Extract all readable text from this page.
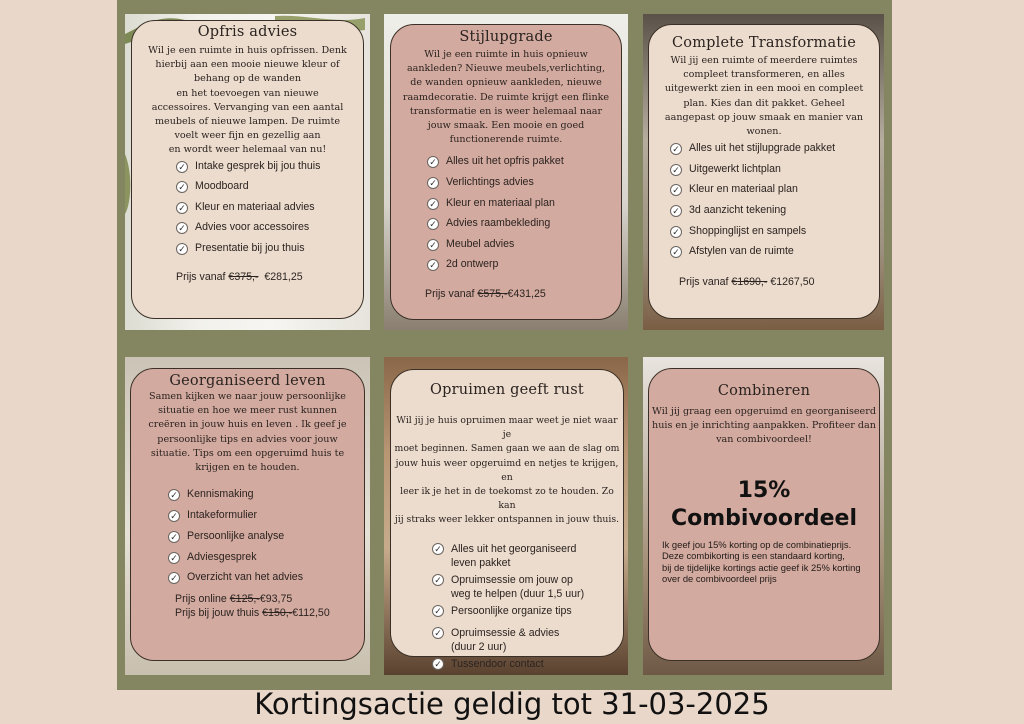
Opfris advies
Wil je een ruimte in huis opfrissen. Denk
hierbij aan een mooie nieuwe kleur of
behang op de wanden
en het toevoegen van nieuwe
accessoires. Vervanging van een aantal
meubels of nieuwe lampen. De ruimte
voelt weer fijn en gezellig aan
en wordt weer helemaal van nu!
✓ Intake gesprek bij jou thuis
✓ Moodboard
✓ Kleur en materiaal advies
✓ Advies voor accessoires
✓ Presentatie bij jou thuis
Prijs vanaf €375,- €281,25
Stijlupgrade
Wil je een ruimte in huis opnieuw
aankleden? Nieuwe meubels,verlichting,
de wanden opnieuw aankleden, nieuwe
raamdecoratie. De ruimte krijgt een flinke
transformatie en is weer helemaal naar
jouw smaak. Een mooie en goed
functionerende ruimte.
✓ Alles uit het opfris pakket
✓ Verlichtings advies
✓ Kleur en materiaal plan
✓ Advies raambekleding
✓ Meubel advies
✓ 2d ontwerp
Prijs vanaf €575,-€431,25
Complete Transformatie
Wil jij een ruimte of meerdere ruimtes
compleet transformeren, en alles
uitgewerkt zien in een mooi en compleet
plan. Kies dan dit pakket. Geheel
aangepast op jouw smaak en manier van
wonen.
✓ Alles uit het stijlupgrade pakket
✓ Uitgewerkt lichtplan
✓ Kleur en materiaal plan
✓ 3d aanzicht tekening
✓ Shoppinglijst en sampels
✓ Afstylen van de ruimte
Prijs vanaf €1690,- €1267,50
Georganiseerd leven
Samen kijken we naar jouw persoonlijke
situatie en hoe we meer rust kunnen
creëren in jouw huis en leven . Ik geef je
persoonlijke tips en advies voor jouw
situatie. Tips om een opgeruimd huis te
krijgen en te houden.
✓ Kennismaking
✓ Intakeformulier
✓ Persoonlijke analyse
✓ Adviesgesprek
✓ Overzicht van het advies
Prijs online €125,-€93,75
Prijs bij jouw thuis €150,-€112,50
Opruimen geeft rust
Wil jij je huis opruimen maar weet je niet waar je
moet beginnen. Samen gaan we aan de slag om
jouw huis weer opgeruimd en netjes te krijgen, en
leer ik je het in de toekomst zo te houden. Zo kan
jij straks weer lekker ontspannen in jouw thuis.
✓ Alles uit het georganiseerd
leven pakket
✓ Opruimsessie om jouw op
weg te helpen (duur 1,5 uur)
✓ Persoonlijke organize tips
✓ Opruimsessie & advies
(duur 2 uur)
✓ Tussendoor contact
Combineren
Wil jij graag een opgeruimd en georganiseerd
huis en je inrichting aanpakken. Profiteer dan
van combivoordeel!
15%
Combivoordeel
Ik geef jou 15% korting op de combinatieprijs.
Deze combikorting is een standaard korting,
bij de tijdelijke kortings actie geef ik 25% korting
over de combivoordeel prijs
Kortingsactie geldig tot 31-03-2025
